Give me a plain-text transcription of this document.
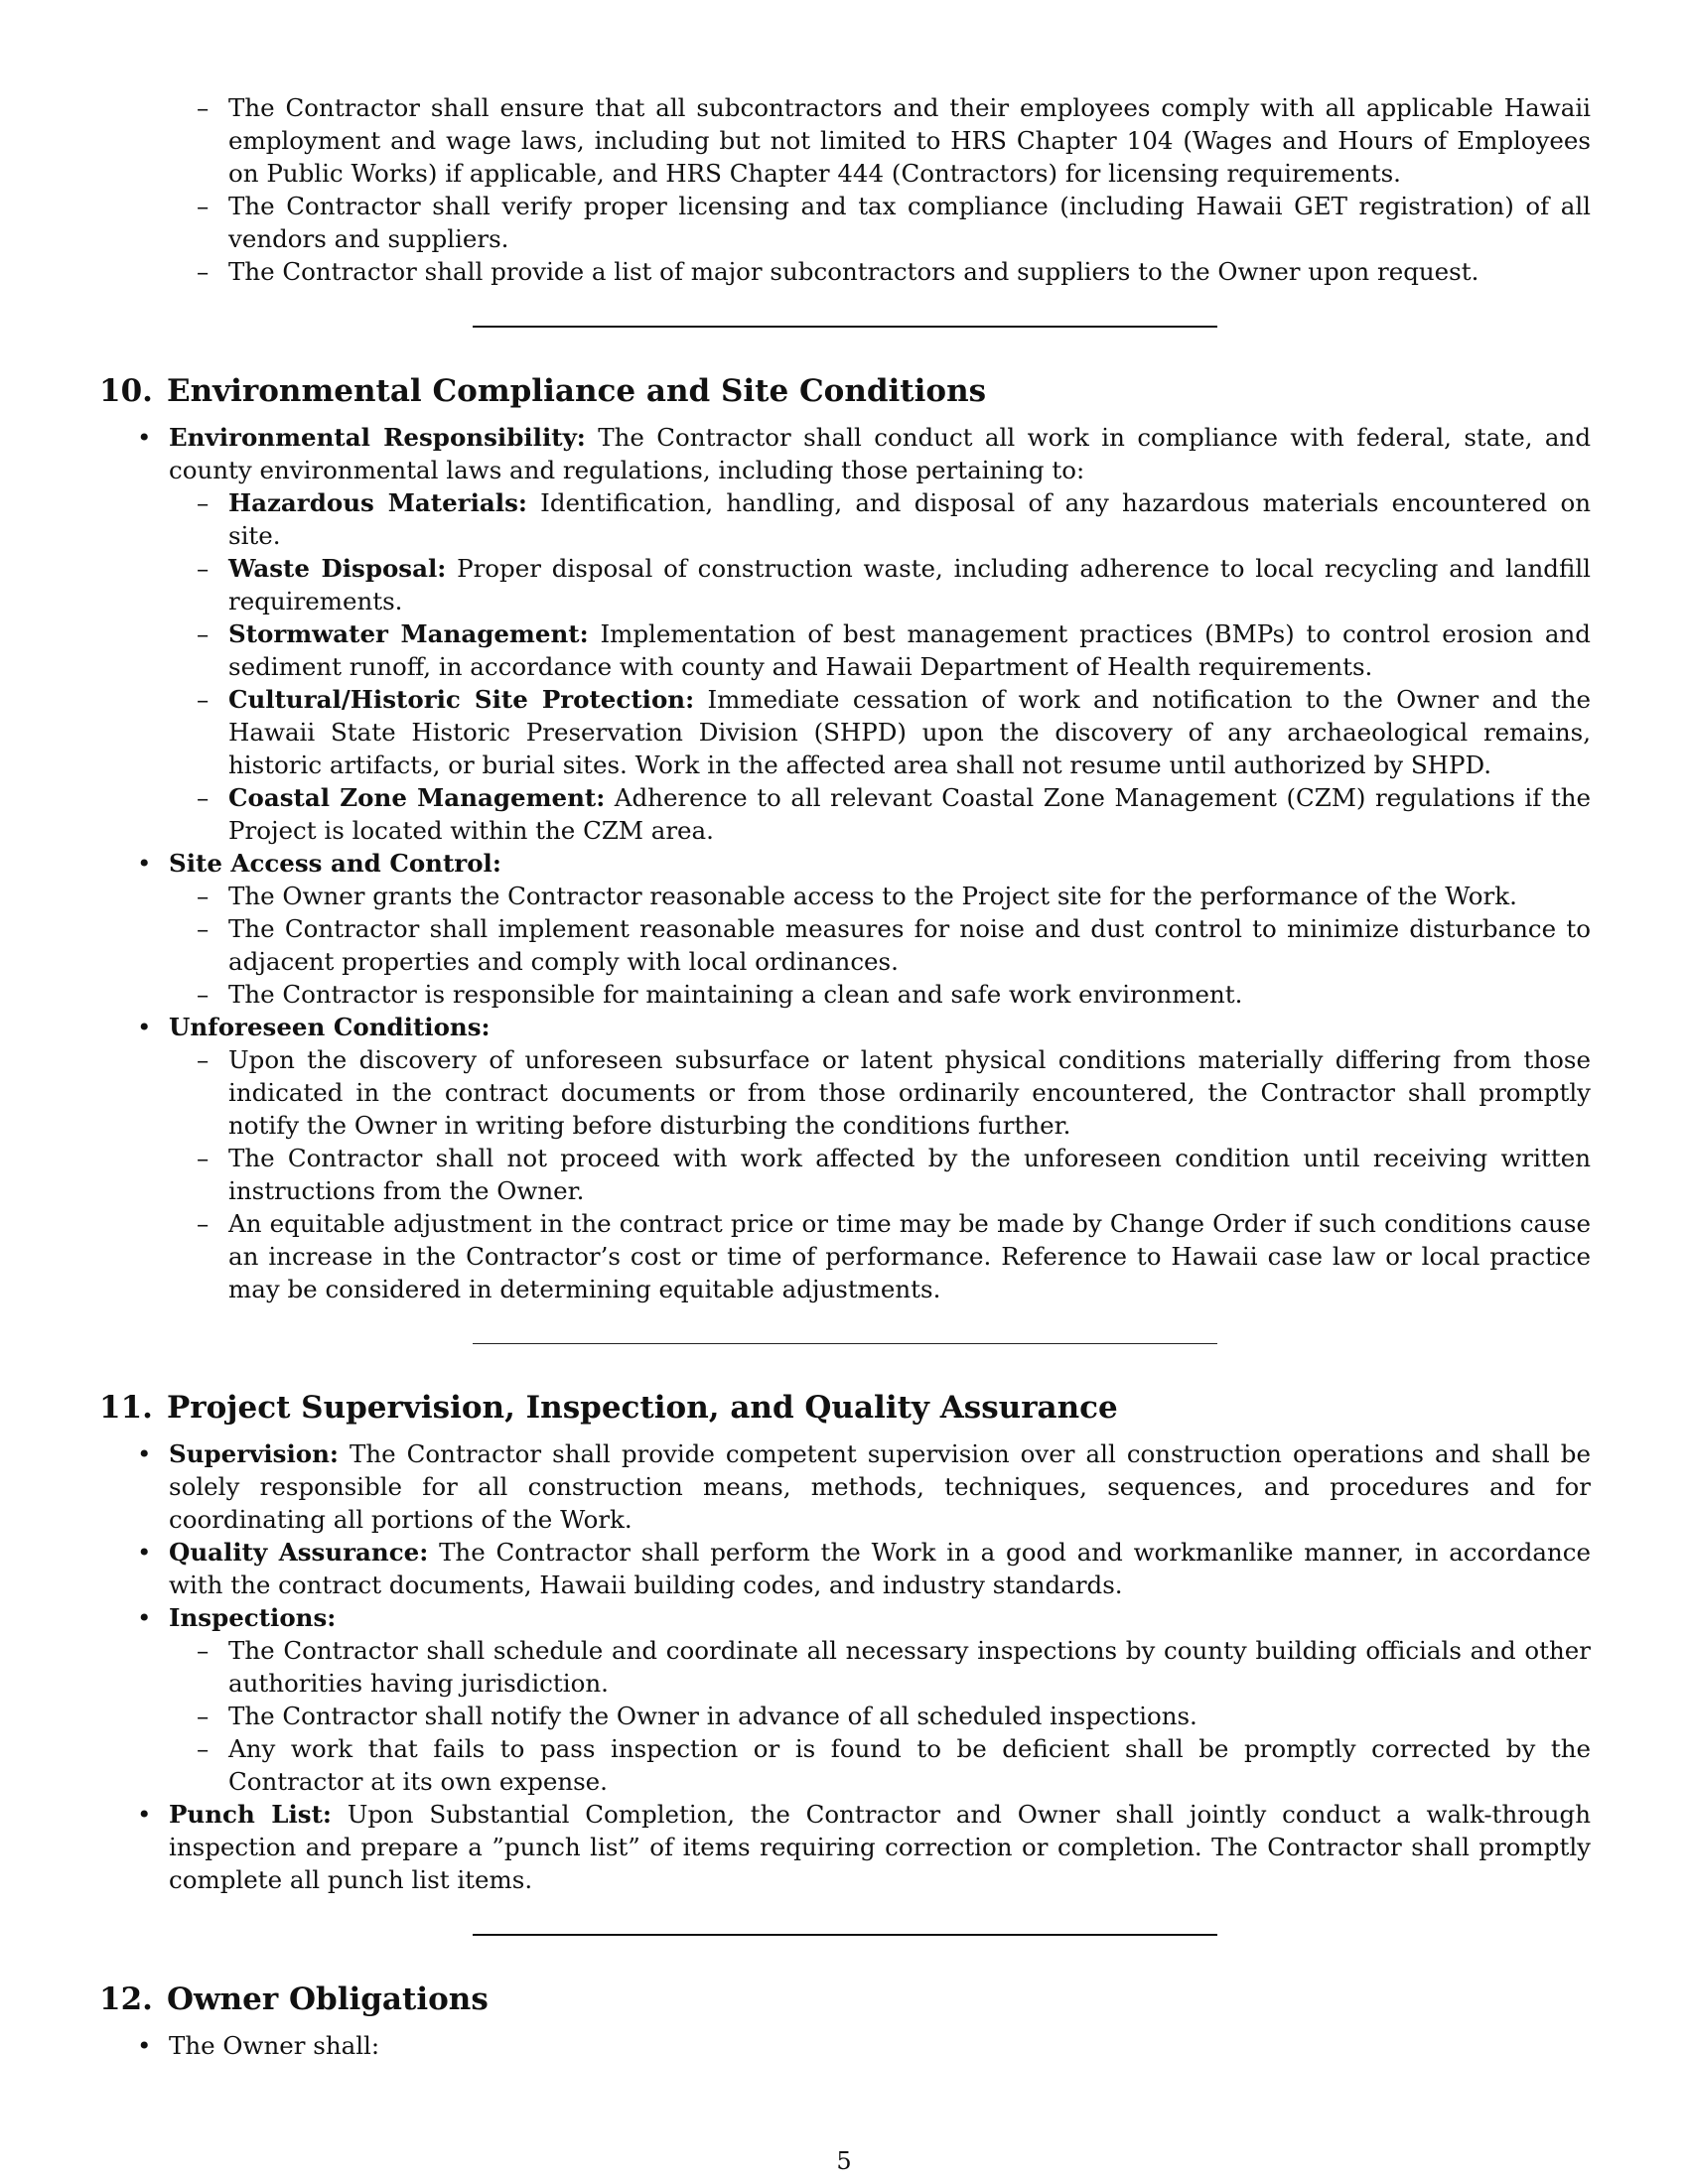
– The Contractor shall ensure that all subcontractors and their employees comply with all applicable Hawaii employment and wage laws, including but not limited to HRS Chapter 104 (Wages and Hours of Employees on Public Works) if applicable, and HRS Chapter 444 (Contractors) for licensing requirements.
– The Contractor shall verify proper licensing and tax compliance (including Hawaii GET registration) of all vendors and suppliers.
– The Contractor shall provide a list of major subcontractors and suppliers to the Owner upon request.
10. Environmental Compliance and Site Conditions
• Environmental Responsibility: The Contractor shall conduct all work in compliance with federal, state, and county environmental laws and regulations, including those pertaining to:
– Hazardous Materials: Identification, handling, and disposal of any hazardous materials encountered on site.
– Waste Disposal: Proper disposal of construction waste, including adherence to local recycling and landfill requirements.
– Stormwater Management: Implementation of best management practices (BMPs) to control erosion and sediment runoff, in accordance with county and Hawaii Department of Health requirements.
– Cultural/Historic Site Protection: Immediate cessation of work and notification to the Owner and the Hawaii State Historic Preservation Division (SHPD) upon the discovery of any archaeological remains, historic artifacts, or burial sites. Work in the affected area shall not resume until authorized by SHPD.
– Coastal Zone Management: Adherence to all relevant Coastal Zone Management (CZM) regulations if the Project is located within the CZM area.
• Site Access and Control:
– The Owner grants the Contractor reasonable access to the Project site for the performance of the Work.
– The Contractor shall implement reasonable measures for noise and dust control to minimize disturbance to adjacent properties and comply with local ordinances.
– The Contractor is responsible for maintaining a clean and safe work environment.
• Unforeseen Conditions:
– Upon the discovery of unforeseen subsurface or latent physical conditions materially differing from those indicated in the contract documents or from those ordinarily encountered, the Contractor shall promptly notify the Owner in writing before disturbing the conditions further.
– The Contractor shall not proceed with work affected by the unforeseen condition until receiving written instructions from the Owner.
– An equitable adjustment in the contract price or time may be made by Change Order if such conditions cause an increase in the Contractor’s cost or time of performance. Reference to Hawaii case law or local practice may be considered in determining equitable adjustments.
11. Project Supervision, Inspection, and Quality Assurance
• Supervision: The Contractor shall provide competent supervision over all construction operations and shall be solely responsible for all construction means, methods, techniques, sequences, and procedures and for coordinating all portions of the Work.
• Quality Assurance: The Contractor shall perform the Work in a good and workmanlike manner, in accordance with the contract documents, Hawaii building codes, and industry standards.
• Inspections:
– The Contractor shall schedule and coordinate all necessary inspections by county building officials and other authorities having jurisdiction.
– The Contractor shall notify the Owner in advance of all scheduled inspections.
– Any work that fails to pass inspection or is found to be deficient shall be promptly corrected by the Contractor at its own expense.
• Punch List: Upon Substantial Completion, the Contractor and Owner shall jointly conduct a walk-through inspection and prepare a ”punch list” of items requiring correction or completion. The Contractor shall promptly complete all punch list items.
12. Owner Obligations
• The Owner shall:
5
